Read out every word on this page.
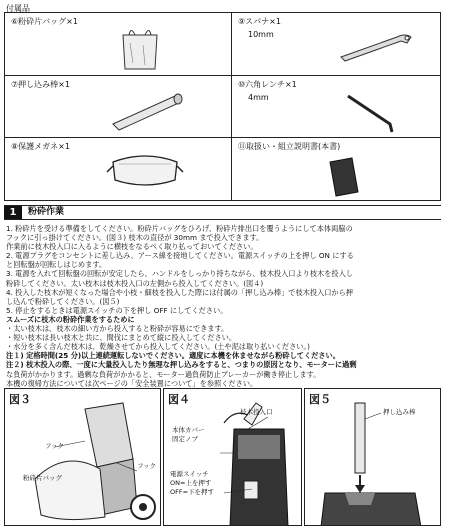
付属品
⑥粉砕片バッグ×1	⑨スパナ×1
10mm
⑦押し込み棒×1	⑩六角レンチ×1
4mm
⑧保護メガネ×1	⑪取扱い・組立説明書(本書)
1	粉砕作業
1. 粉砕片を受ける準備をしてください。粉砕片バッグをひろげ、粉砕片排出口を覆うようにして本体両脇の
フックに引っ掛けてください。(図３) 枝木の直径が 30mm まで投入できます。
作業前に枝木投入口に入るように横枝をなるべく取り払っておいてください。
2. 電源プラグをコンセントに差し込み、アース線を接地してください。電源スイッチの上を押し ON にする
と回転盤が回転しはじめます。
3. 電源を入れて回転盤の回転が安定したら、ハンドルをしっかり持ちながら、枝木投入口より枝木を投入し
粉砕してください。太い枝木は枝木投入口の左側から投入してください。(図４)
4. 投入した枝木が短くなった場合や小枝・細枝を投入した際には付属の「押し込み棒」で枝木投入口から押
し込んで粉砕してください。(図５)
5. 停止をするときは電源スイッチの下を押し OFF にしてください。
スムーズに枝木の粉砕作業をするために
・太い枝木は、枝木の細い方から投入すると粉砕が容易にできます。
・短い枝木は長い枝木と共に、間伐にまとめて縦に投入してください。
・水分を多く含んだ枝木は、乾燥させてから投入してください。(土や泥は取り払いください。)
注１) 定格時間(25 分)以上連続運転しないでください。適度に本機を休ませながら粉砕してください。
注２) 枝木投入の際、一度に大量投入したり無理な押し込みをすると、つまりの原因となり、モーターに過剰
な負荷がかかります。過剰な負荷がかかると、モーター過負荷防止ブレーカーが働き停止します。
本機の復帰方法については次ページの「安全装置について」を参照ください。
図３
フック
フック
粉砕片バッグ
図４
枝木投入口
本体カバー
固定ノブ
電源スイッチ
ON=上を押す
OFF=下を押す
図５
押し込み棒
